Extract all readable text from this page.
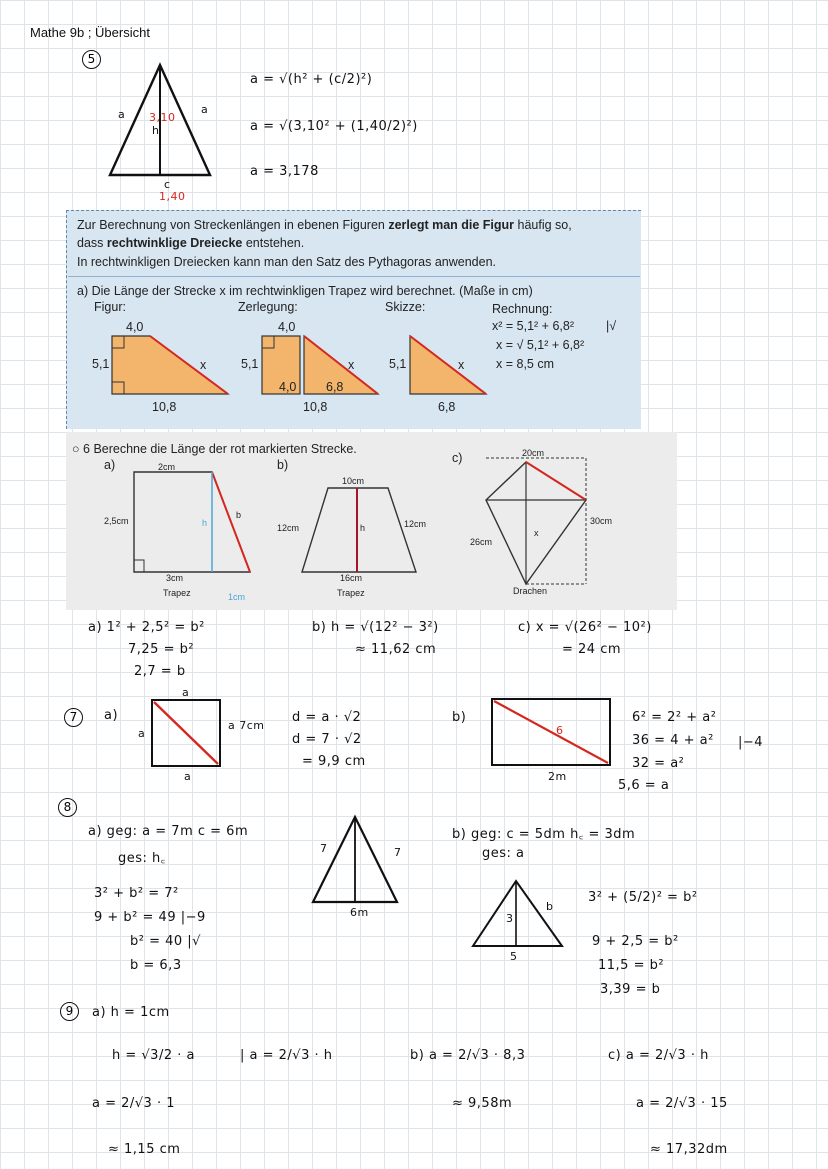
Mathe 9b ; Übersicht
5
a	a
3,10
h
c
1,40
a = √(h² + (c/2)²)
a = √(3,10² + (1,40/2)²)
a = 3,178
Zur Berechnung von Streckenlängen in ebenen Figuren zerlegt man die Figur häufig so,
dass rechtwinklige Dreiecke entstehen.
In rechtwinkligen Dreiecken kann man den Satz des Pythagoras anwenden.
a) Die Länge der Strecke x im rechtwinkligen Trapez wird berechnet. (Maße in cm)
Figur:	Zerlegung:	Skizze:	Rechnung:
x² = 5,1² + 6,8²	|√
x = √ 5,1² + 6,8²
x = 8,5 cm
4,0
5,1
10,8
x
4,0
5,1
4,0 6,8
10,8
x	5,1
6,8
x
○ 6 Berechne die Länge der rot markierten Strecke.
a)	b)	c)
2cm
2,5cm
3cm
1cm
h
b
Trapez
10cm
12cm	12cm
h
16cm
Trapez
20cm
26cm
30cm
x
Drachen
a) 1² + 2,5² = b²
7,25 = b²
2,7 = b
b) h = √(12² − 3²)
≈ 11,62 cm
c) x = √(26² − 10²)
= 24 cm
7	a)
a
a
a
a 7cm
d = a · √2
d = 7 · √2
= 9,9 cm
b)
6
2m
6² = 2² + a²
36 = 4 + a² |−4
32 = a²
5,6 = a
8
a) geg: a = 7m c = 6m
ges: h꜀
7	7
6m
3² + b² = 7²
9 + b² = 49 |−9
b² = 40 |√
b = 6,3
b) geg: c = 5dm h꜀ = 3dm
ges: a
3
b
5
3² + (5/2)² = b²
9 + 2,5 = b²
11,5 = b²
3,39 = b
9	a) h = 1cm
h = √3/2 · a	| a = 2/√3 · h
a = 2/√3 · 1
≈ 1,15 cm
b) a = 2/√3 · 8,3
≈ 9,58m
c) a = 2/√3 · h
a = 2/√3 · 15
≈ 17,32dm
